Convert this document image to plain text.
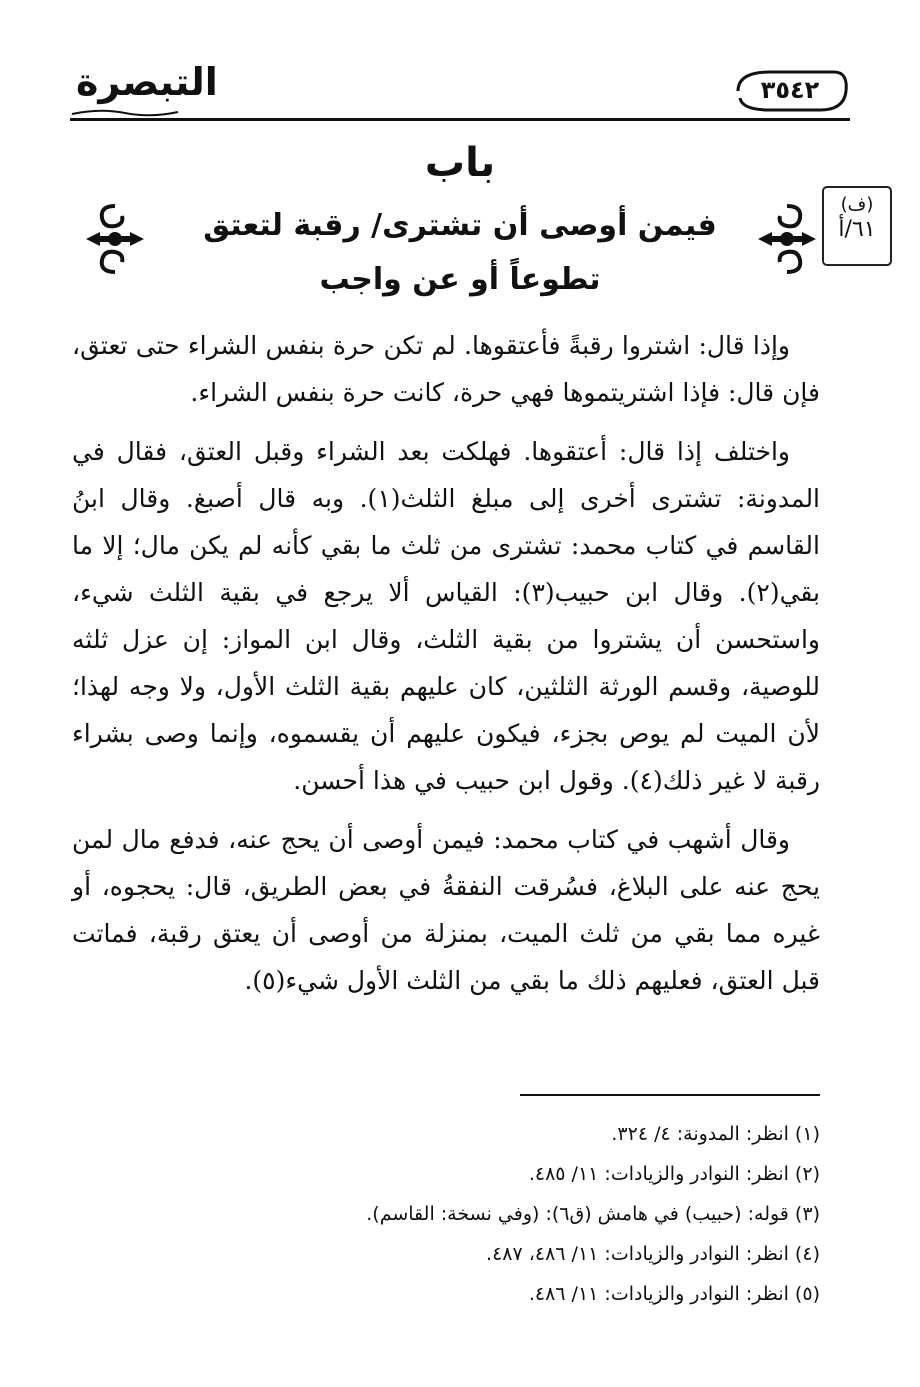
التبصرة	٣٥٤٢
باب
فيمن أوصى أن تشترى/ رقبة لتعتق
تطوعاً أو عن واجب
(ف)
٦١/أ

وإذا قال: اشتروا رقبةً فأعتقوها. لم تكن حرة بنفس الشراء حتى تعتق، فإن قال: فإذا اشتريتموها فهي حرة، كانت حرة بنفس الشراء.

واختلف إذا قال: أعتقوها. فهلكت بعد الشراء وقبل العتق، فقال في المدونة: تشترى أخرى إلى مبلغ الثلث(١). وبه قال أصبغ. وقال ابنُ القاسم في كتاب محمد: تشترى من ثلث ما بقي كأنه لم يكن مال؛ إلا ما بقي(٢). وقال ابن حبيب(٣): القياس ألا يرجع في بقية الثلث شيء، واستحسن أن يشتروا من بقية الثلث، وقال ابن المواز: إن عزل ثلثه للوصية، وقسم الورثة الثلثين، كان عليهم بقية الثلث الأول، ولا وجه لهذا؛ لأن الميت لم يوص بجزء، فيكون عليهم أن يقسموه، وإنما وصى بشراء رقبة لا غير ذلك(٤). وقول ابن حبيب في هذا أحسن.

وقال أشهب في كتاب محمد: فيمن أوصى أن يحج عنه، فدفع مال لمن يحج عنه على البلاغ، فسُرقت النفقةُ في بعض الطريق، قال: يحجوه، أو غيره مما بقي من ثلث الميت، بمنزلة من أوصى أن يعتق رقبة، فماتت قبل العتق، فعليهم ذلك ما بقي من الثلث الأول شيء(٥).

(١) انظر: المدونة: ٤/ ٣٢٤.

(٢) انظر: النوادر والزيادات: ١١/ ٤٨٥.

(٣) قوله: (حبيب) في هامش (ق٦): (وفي نسخة: القاسم).

(٤) انظر: النوادر والزيادات: ١١/ ٤٨٦، ٤٨٧.

(٥) انظر: النوادر والزيادات: ١١/ ٤٨٦.
